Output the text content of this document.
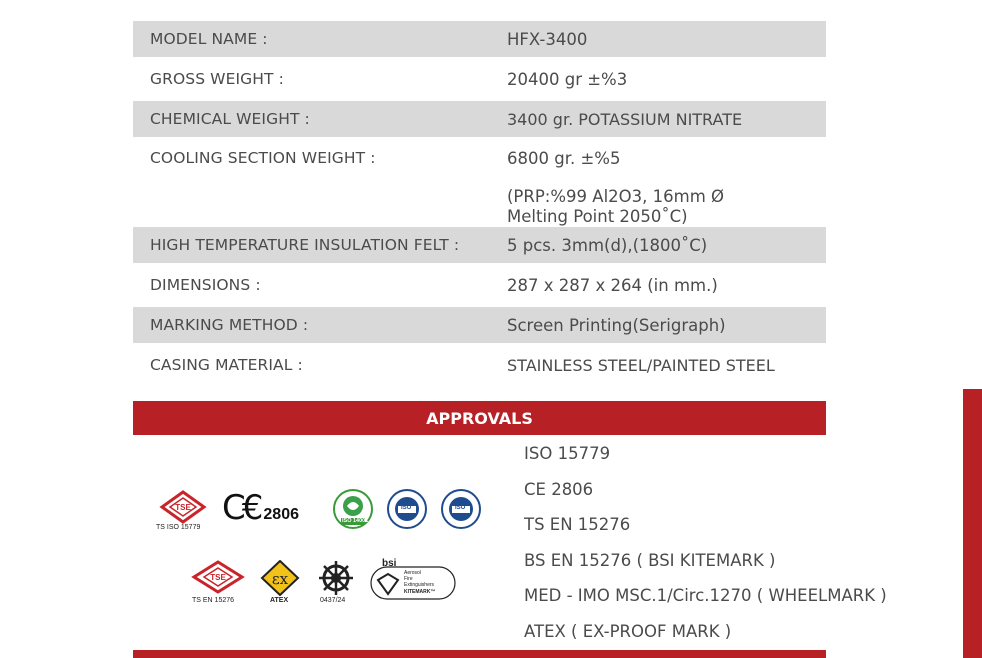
MODEL NAME :	HFX-3400
GROSS WEIGHT :	20400 gr ±%3
CHEMICAL WEIGHT :	3400 gr. POTASSIUM NITRATE
COOLING SECTION WEIGHT :	6800 gr. ±%5
(PRP:%99 Al2O3, 16mm Ø
Melting Point 2050˚C)
HIGH TEMPERATURE INSULATION FELT :	5 pcs. 3mm(d),(1800˚C)
DIMENSIONS :	287 x 287 x 264 (in mm.)
MARKING METHOD :	Screen Printing(Serigraph)
CASING MATERIAL :	STAINLESS STEEL/PAINTED STEEL
APPROVALS
ISO 15779
CE 2806
TS EN 15276
BS EN 15276 ( BSI KITEMARK )
MED - IMO MSC.1/Circ.1270 ( WHEELMARK )
ATEX ( EX-PROOF MARK )
TSE
TS ISO 15779 C€2806	ISO 14001
ISO	ISO
TSE
TS EN 15276
εx
ATEX	0437/24
bsi
Aerosol
Fire
Extinguishers
KITEMARK™
